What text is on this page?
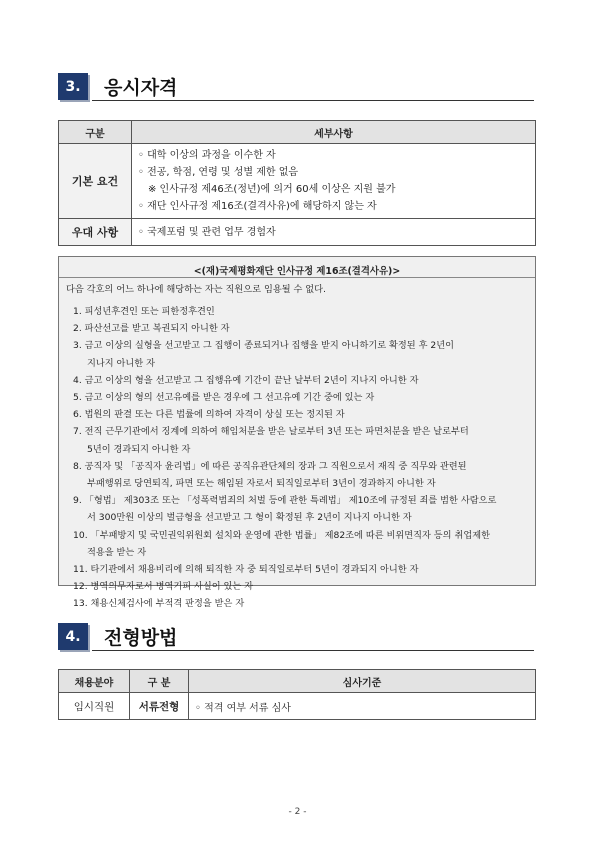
3.	응시자격
구분	세부사항
기본 요건	◦ 대학 이상의 과정을 이수한 자
◦ 전공, 학점, 연령 및 성별 제한 없음
※ 인사규정 제46조(정년)에 의거 60세 이상은 지원 불가
◦ 재단 인사규정 제16조(결격사유)에 해당하지 않는 자

우대 사항	◦ 국제포럼 및 관련 업무 경험자
<(재)국제평화재단 인사규정 제16조(결격사유)>
다음 각호의 어느 하나에 해당하는 자는 직원으로 임용될 수 없다.
1. 피성년후견인 또는 피한정후견인
2. 파산선고를 받고 복권되지 아니한 자
3. 금고 이상의 실형을 선고받고 그 집행이 종료되거나 집행을 받지 아니하기로 확정된 후 2년이
지나지 아니한 자
4. 금고 이상의 형을 선고받고 그 집행유예 기간이 끝난 날부터 2년이 지나지 아니한 자
5. 금고 이상의 형의 선고유예를 받은 경우에 그 선고유예 기간 중에 있는 자
6. 법원의 판결 또는 다른 법률에 의하여 자격이 상실 또는 정지된 자
7. 전직 근무기관에서 징계에 의하여 해임처분을 받은 날로부터 3년 또는 파면처분을 받은 날로부터
5년이 경과되지 아니한 자
8. 공직자 및 「공직자 윤리법」에 따른 공직유관단체의 장과 그 직원으로서 재직 중 직무와 관련된
부패행위로 당연퇴직, 파면 또는 해임된 자로서 퇴직일로부터 3년이 경과하지 아니한 자
9. 「형법」 제303조 또는 「성폭력범죄의 처벌 등에 관한 특례법」 제10조에 규정된 죄를 범한 사람으로
서 300만원 이상의 벌금형을 선고받고 그 형이 확정된 후 2년이 지나지 아니한 자
10. 「부패방지 및 국민권익위원회 설치와 운영에 관한 법률」 제82조에 따른 비위면직자 등의 취업제한
적용을 받는 자
11. 타기관에서 채용비리에 의해 퇴직한 자 중 퇴직일로부터 5년이 경과되지 아니한 자
12. 병역의무자로서 병역기피 사실이 있는 자
13. 채용신체검사에 부적격 판정을 받은 자
4.	전형방법
채용분야	구 분	심사기준
임시직원	서류전형	◦ 적격 여부 서류 심사
- 2 -
